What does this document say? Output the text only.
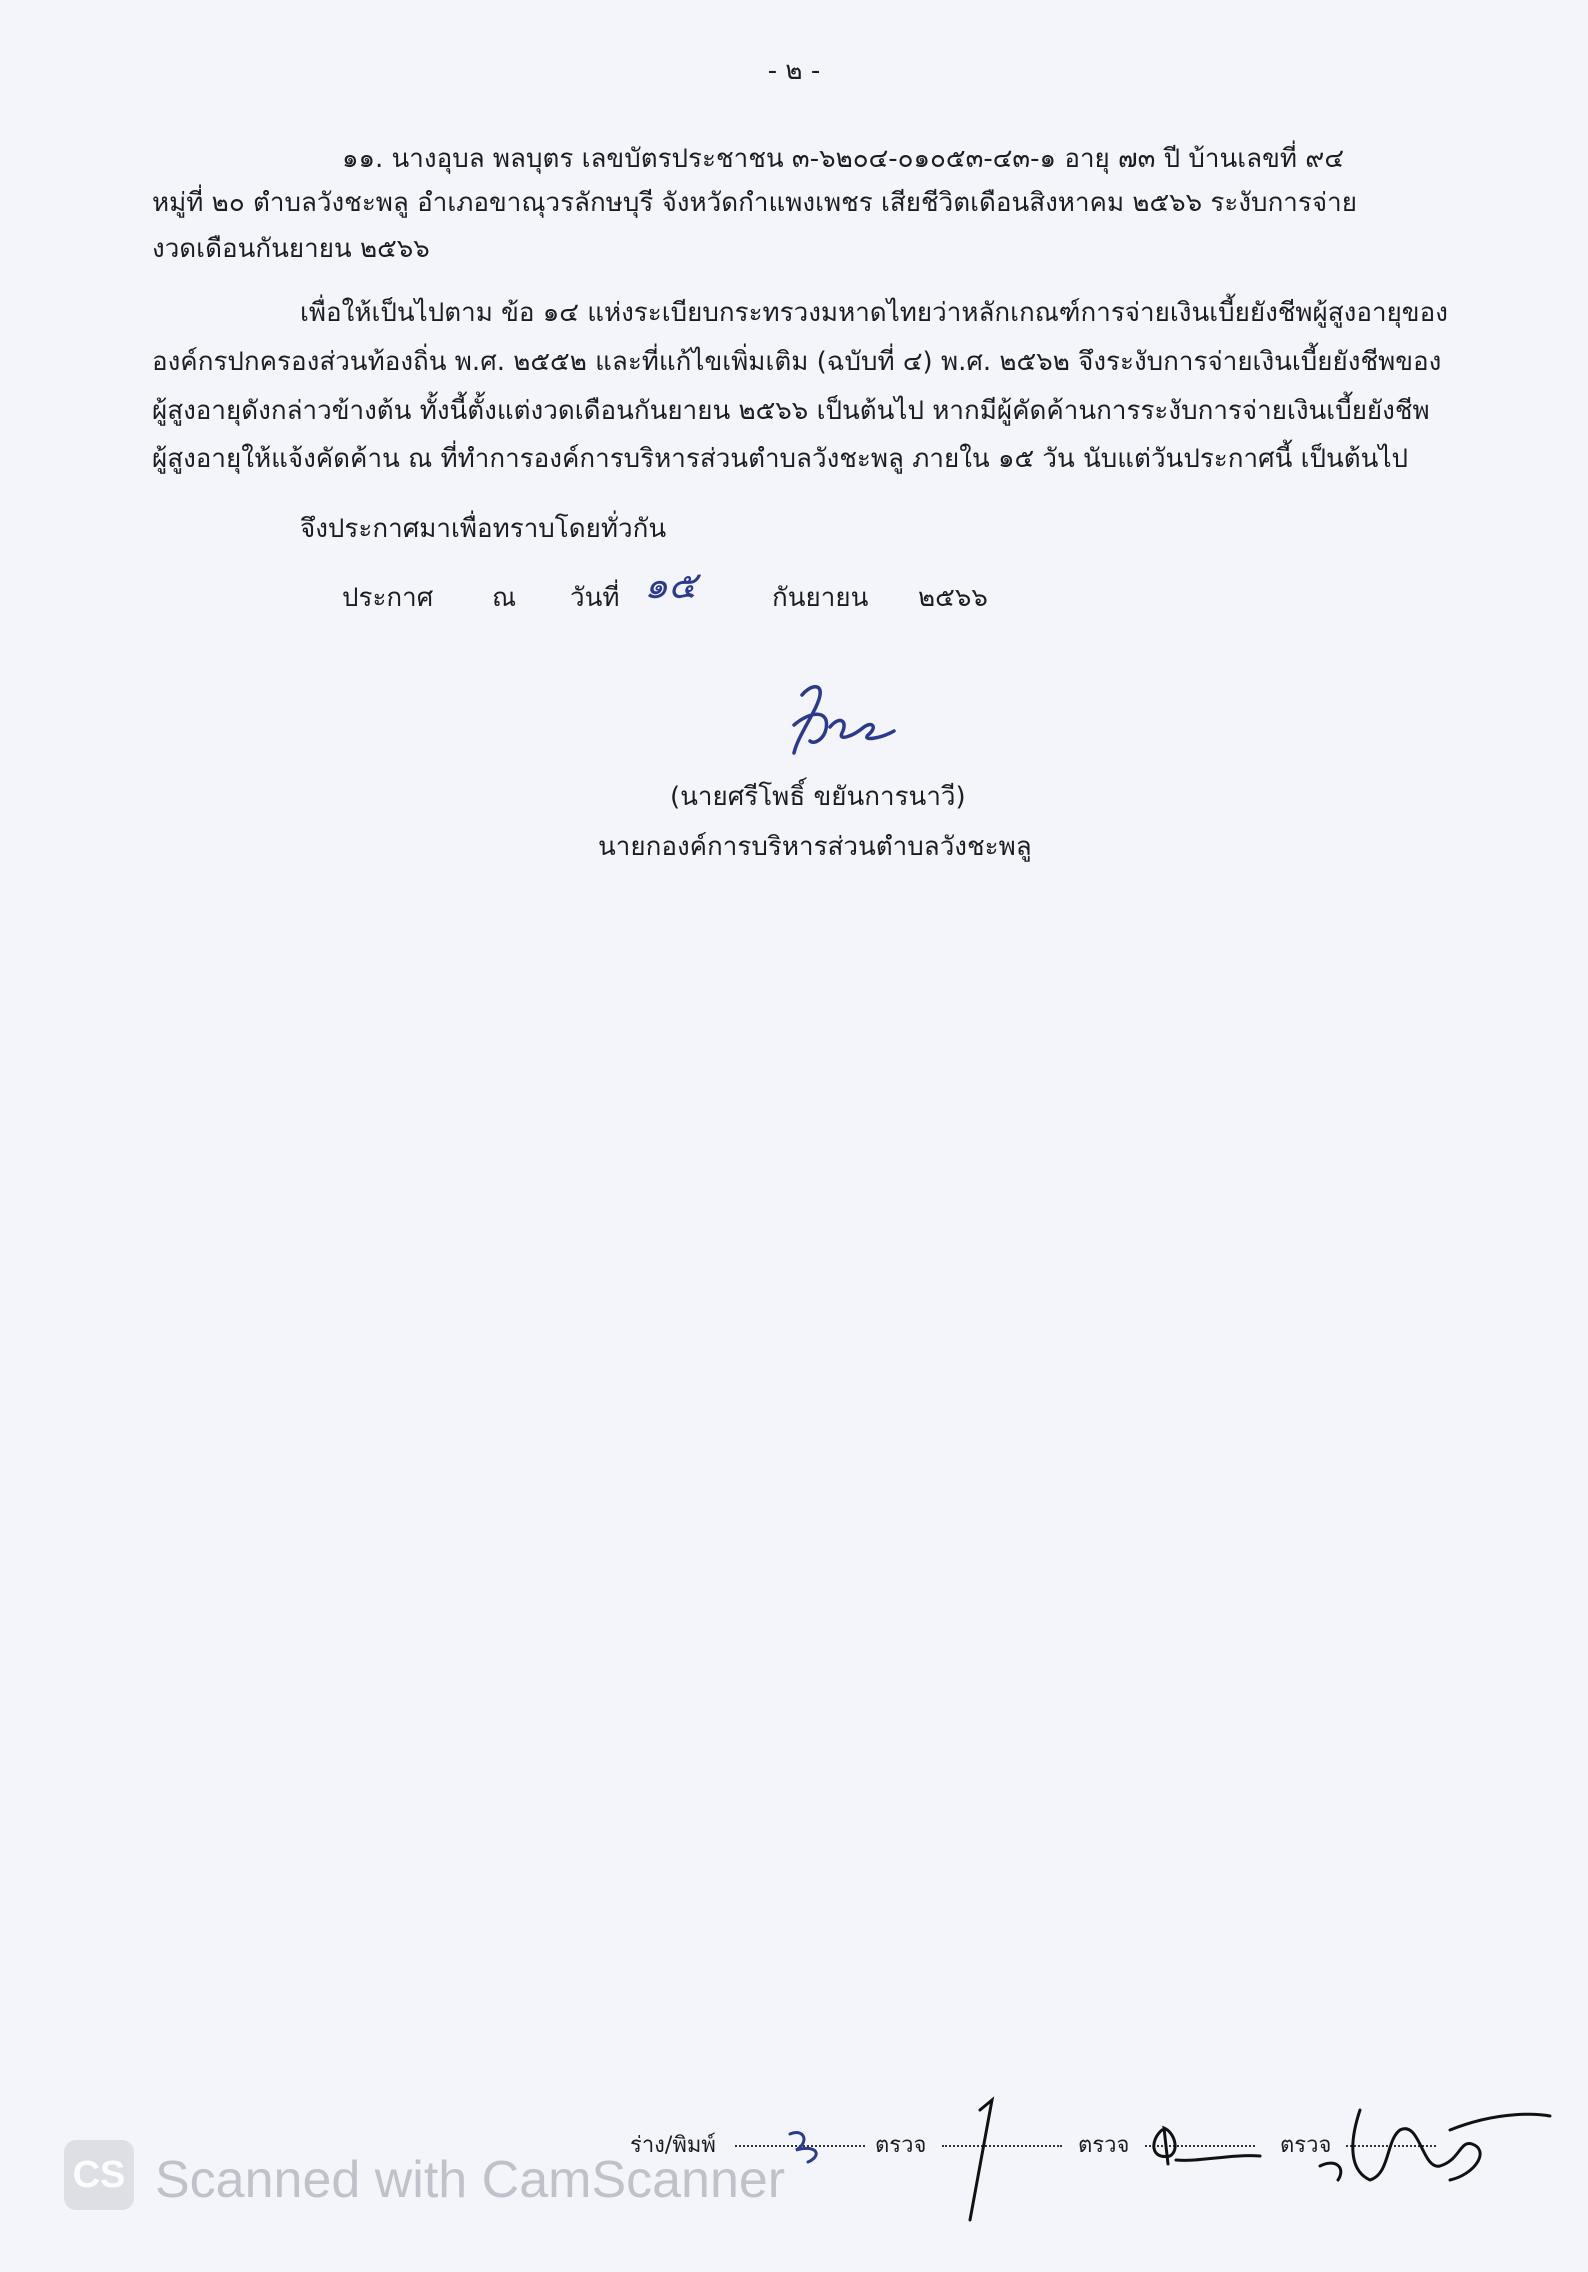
- ๒ -
๑๑. นางอุบล พลบุตร เลขบัตรประชาชน ๓-๖๒๐๔-๐๑๐๕๓-๔๓-๑ อายุ ๗๓ ปี บ้านเลขที่ ๙๔
หมู่ที่ ๒๐ ตำบลวังชะพลู อำเภอขาณุวรลักษบุรี จังหวัดกำแพงเพชร เสียชีวิตเดือนสิงหาคม ๒๕๖๖ ระงับการจ่าย
งวดเดือนกันยายน ๒๕๖๖
เพื่อให้เป็นไปตาม ข้อ ๑๔ แห่งระเบียบกระทรวงมหาดไทยว่าหลักเกณฑ์การจ่ายเงินเบี้ยยังชีพผู้สูงอายุของ
องค์กรปกครองส่วนท้องถิ่น พ.ศ. ๒๕๕๒ และที่แก้ไขเพิ่มเติม (ฉบับที่ ๔) พ.ศ. ๒๕๖๒ จึงระงับการจ่ายเงินเบี้ยยังชีพของ
ผู้สูงอายุดังกล่าวข้างต้น ทั้งนี้ตั้งแต่งวดเดือนกันยายน ๒๕๖๖ เป็นต้นไป หากมีผู้คัดค้านการระงับการจ่ายเงินเบี้ยยังชีพ
ผู้สูงอายุให้แจ้งคัดค้าน ณ ที่ทำการองค์การบริหารส่วนตำบลวังชะพลู ภายใน ๑๕ วัน นับแต่วันประกาศนี้ เป็นต้นไป
จึงประกาศมาเพื่อทราบโดยทั่วกัน
ประกาศ ณ วันที่ ๑๕	กันยายน ๒๕๖๖
(นายศรีโพธิ์ ขยันการนาวี)
นายกองค์การบริหารส่วนตำบลวังชะพลู
ร่าง/พิมพ์	ตรวจ	ตรวจ	ตรวจ
CS Scanned with CamScanner
